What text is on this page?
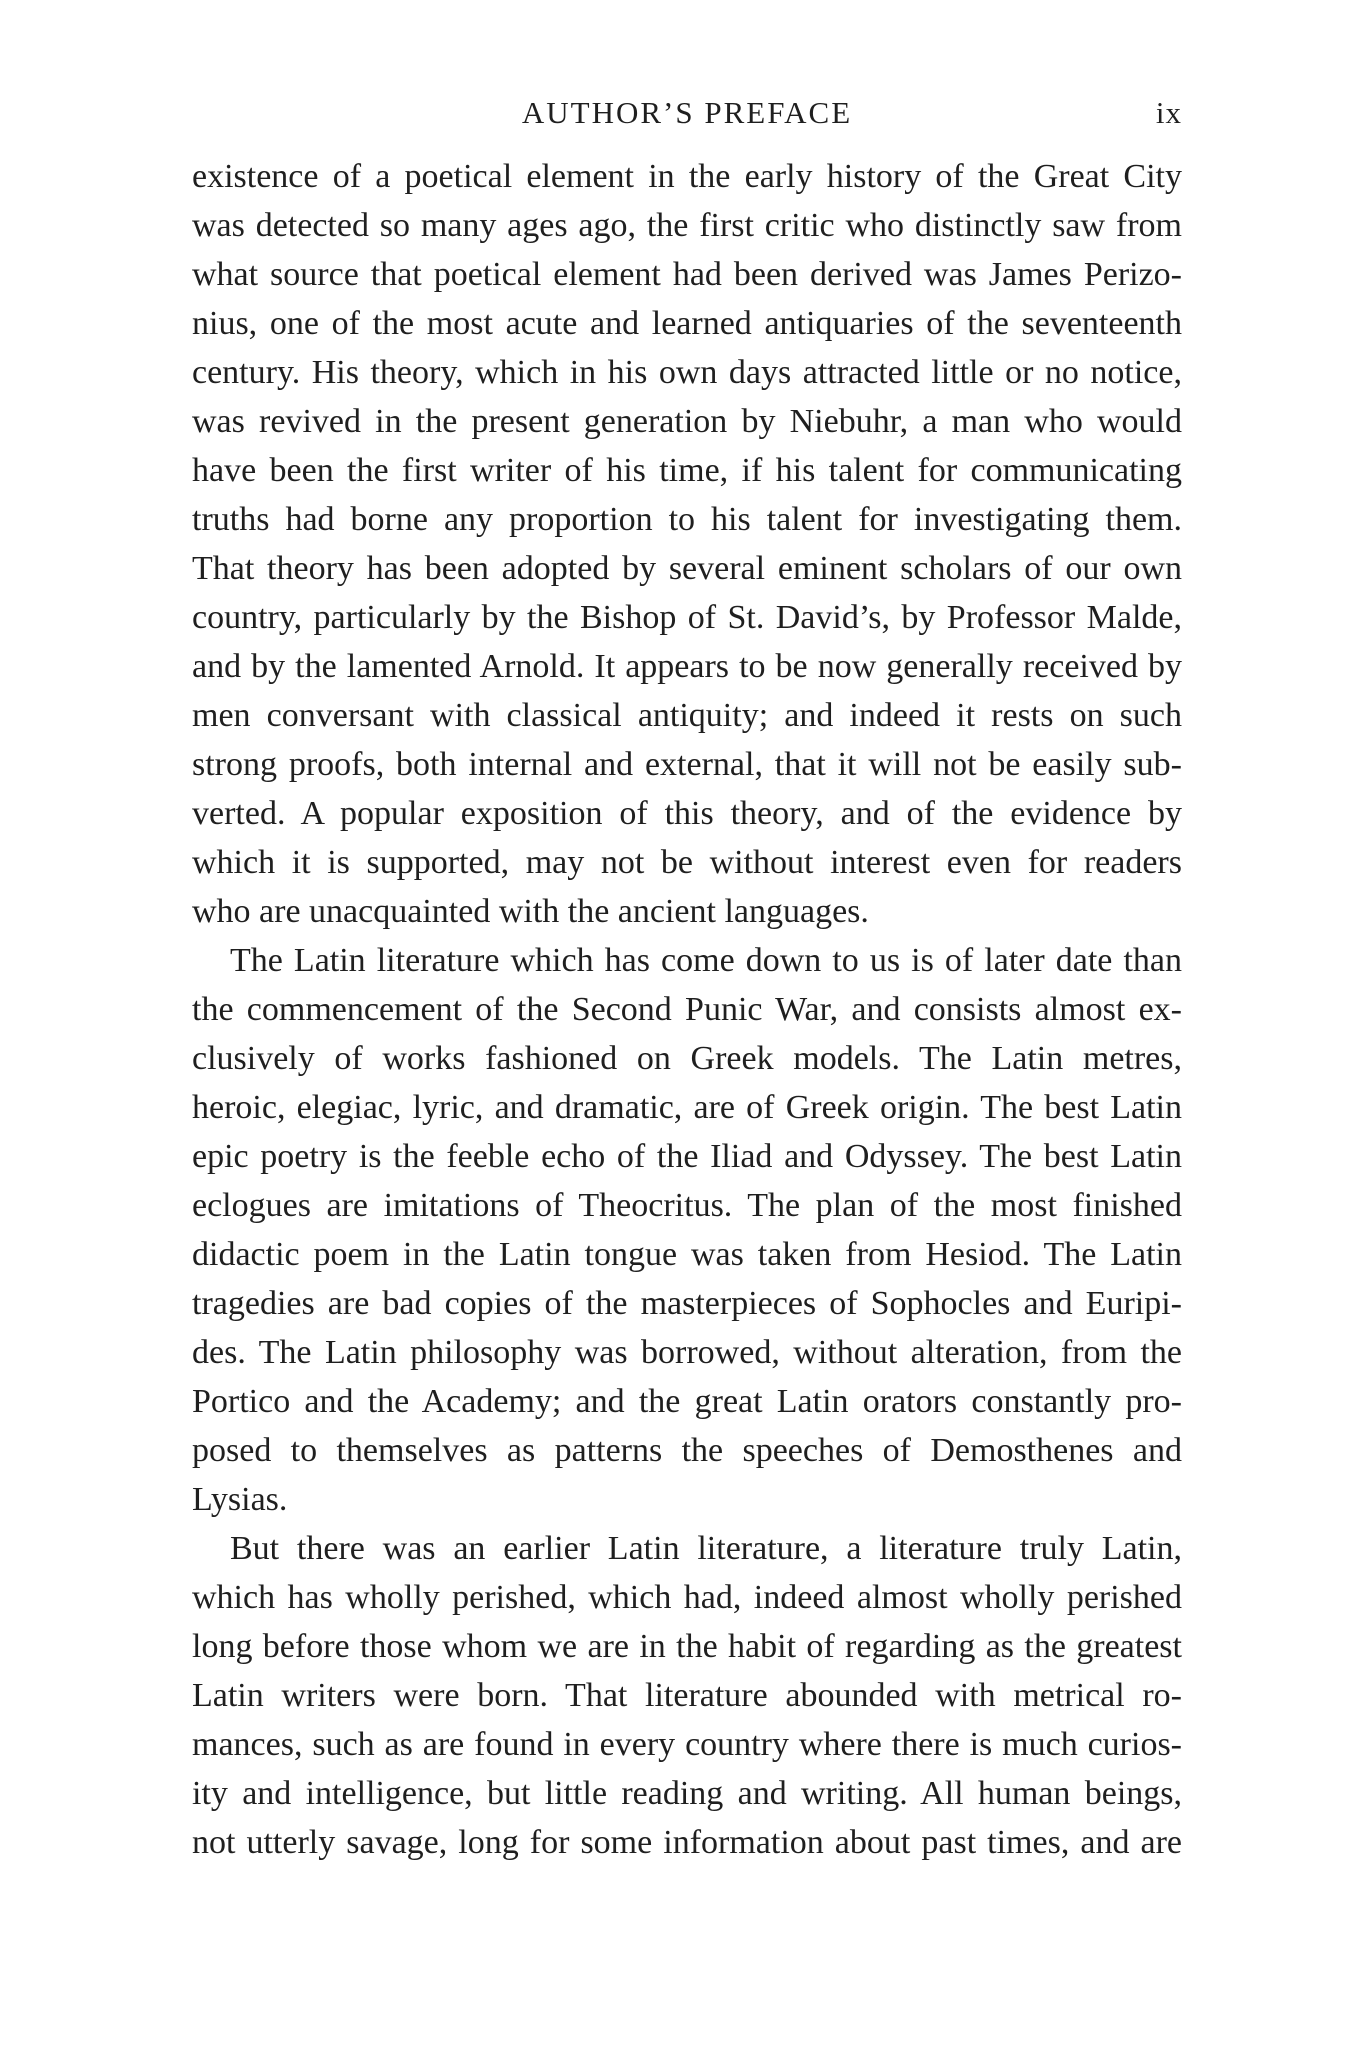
AUTHOR’S PREFACE	ix
existence of a poetical element in the early history of the Great City
was detected so many ages ago, the first critic who distinctly saw from
what source that poetical element had been derived was James Perizo-
nius, one of the most acute and learned antiquaries of the seventeenth
century. His theory, which in his own days attracted little or no notice,
was revived in the present generation by Niebuhr, a man who would
have been the first writer of his time, if his talent for communicating
truths had borne any proportion to his talent for investigating them.
That theory has been adopted by several eminent scholars of our own
country, particularly by the Bishop of St. David’s, by Professor Malde,
and by the lamented Arnold. It appears to be now generally received by
men conversant with classical antiquity; and indeed it rests on such
strong proofs, both internal and external, that it will not be easily sub-
verted. A popular exposition of this theory, and of the evidence by
which it is supported, may not be without interest even for readers
who are unacquainted with the ancient languages.
The Latin literature which has come down to us is of later date than
the commencement of the Second Punic War, and consists almost ex-
clusively of works fashioned on Greek models. The Latin metres,
heroic, elegiac, lyric, and dramatic, are of Greek origin. The best Latin
epic poetry is the feeble echo of the Iliad and Odyssey. The best Latin
eclogues are imitations of Theocritus. The plan of the most finished
didactic poem in the Latin tongue was taken from Hesiod. The Latin
tragedies are bad copies of the masterpieces of Sophocles and Euripi-
des. The Latin philosophy was borrowed, without alteration, from the
Portico and the Academy; and the great Latin orators constantly pro-
posed to themselves as patterns the speeches of Demosthenes and
Lysias.
But there was an earlier Latin literature, a literature truly Latin,
which has wholly perished, which had, indeed almost wholly perished
long before those whom we are in the habit of regarding as the greatest
Latin writers were born. That literature abounded with metrical ro-
mances, such as are found in every country where there is much curios-
ity and intelligence, but little reading and writing. All human beings,
not utterly savage, long for some information about past times, and are
